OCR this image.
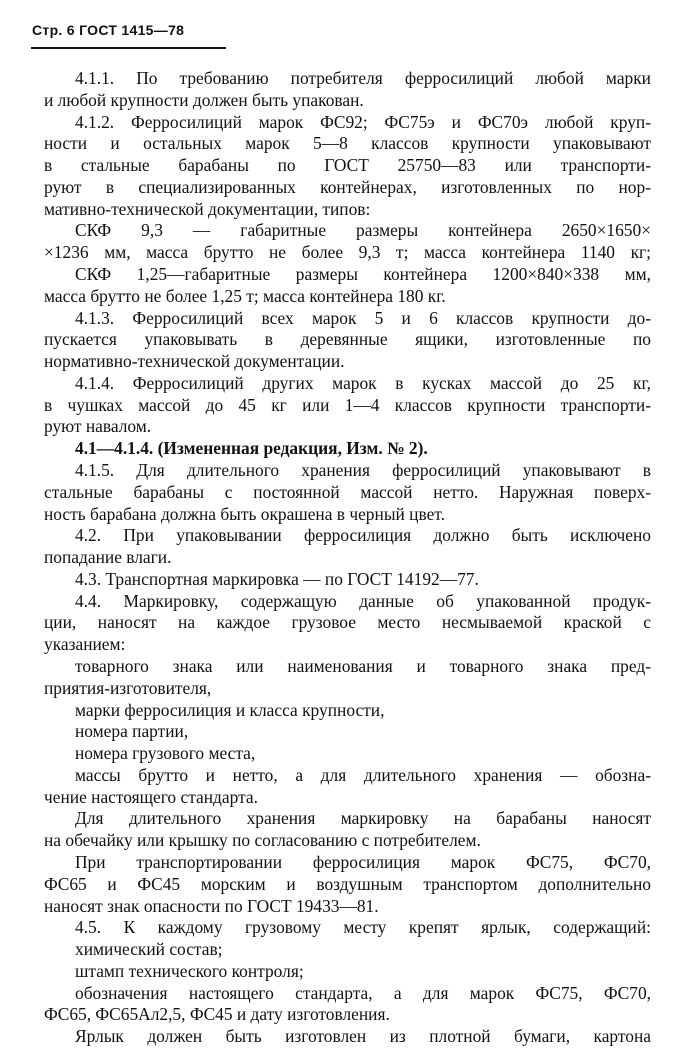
Стр. 6 ГОСТ 1415—78
4.1.1. По требованию потребителя ферросилиций любой марки
и любой крупности должен быть упакован.
4.1.2. Ферросилиций марок ФС92; ФС75э и ФС70э любой круп-
ности и остальных марок 5—8 классов крупности упаковывают
в стальные барабаны по ГОСТ 25750—83 или транспорти-
руют в специализированных контейнерах, изготовленных по нор-
мативно-технической документации, типов:
СКФ 9,3 — габаритные размеры контейнера 2650×1650×
×1236 мм, масса брутто не более 9,3 т; масса контейнера 1140 кг;
СКФ 1,25—габаритные размеры контейнера 1200×840×338 мм,
масса брутто не более 1,25 т; масса контейнера 180 кг.
4.1.3. Ферросилиций всех марок 5 и 6 классов крупности до-
пускается упаковывать в деревянные ящики, изготовленные по
нормативно-технической документации.
4.1.4. Ферросилиций других марок в кусках массой до 25 кг,
в чушках массой до 45 кг или 1—4 классов крупности транспорти-
руют навалом.
4.1—4.1.4. (Измененная редакция, Изм. № 2).
4.1.5. Для длительного хранения ферросилиций упаковывают в
стальные барабаны с постоянной массой нетто. Наружная поверх-
ность барабана должна быть окрашена в черный цвет.
4.2. При упаковывании ферросилиция должно быть исключено
попадание влаги.
4.3. Транспортная маркировка — по ГОСТ 14192—77.
4.4. Маркировку, содержащую данные об упакованной продук-
ции, наносят на каждое грузовое место несмываемой краской с
указанием:
товарного знака или наименования и товарного знака пред-
приятия-изготовителя,
марки ферросилиция и класса крупности,
номера партии,
номера грузового места,
массы брутто и нетто, а для длительного хранения — обозна-
чение настоящего стандарта.
Для длительного хранения маркировку на барабаны наносят
на обечайку или крышку по согласованию с потребителем.
При транспортировании ферросилиция марок ФС75, ФС70,
ФС65 и ФС45 морским и воздушным транспортом дополнительно
наносят знак опасности по ГОСТ 19433—81.
4.5. К каждому грузовому месту крепят ярлык, содержащий:
химический состав;
штамп технического контроля;
обозначения настоящего стандарта, а для марок ФС75, ФС70,
ФС65, ФС65Ал2,5, ФС45 и дату изготовления.
Ярлык должен быть изготовлен из плотной бумаги, картона
